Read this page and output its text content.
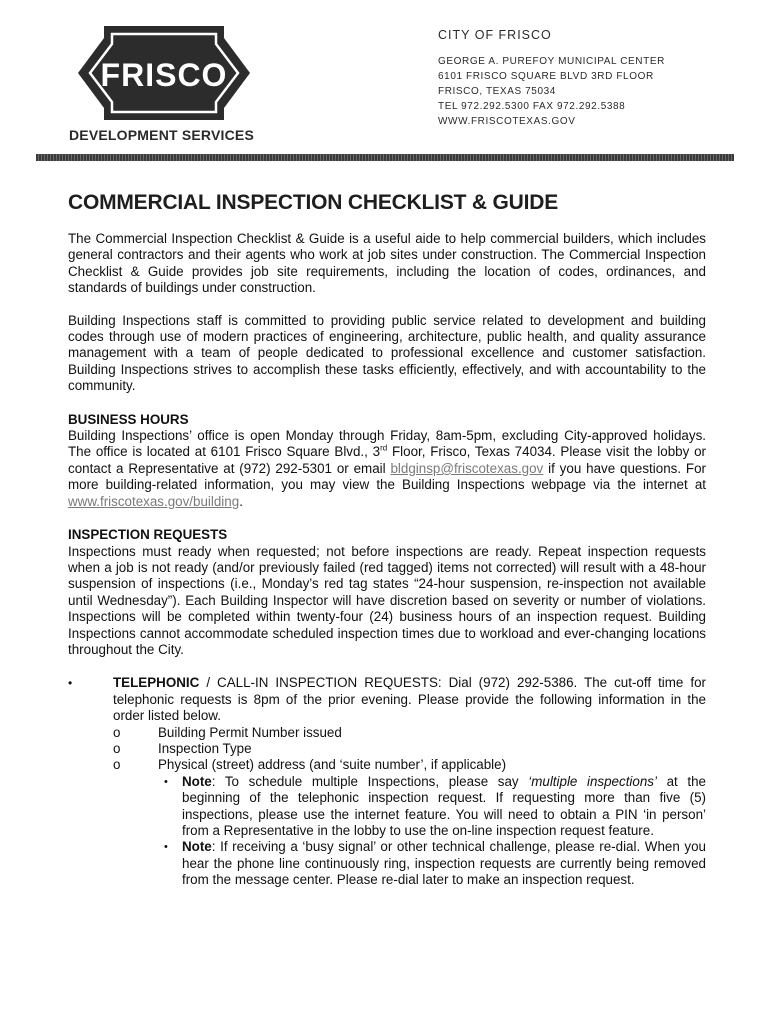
FRISCO
DEVELOPMENT SERVICES
CITY OF FRISCO
GEORGE A. PUREFOY MUNICIPAL CENTER
6101 FRISCO SQUARE BLVD 3RD FLOOR
FRISCO, TEXAS 75034
TEL 972.292.5300 FAX 972.292.5388
WWW.FRISCOTEXAS.GOV
COMMERCIAL INSPECTION CHECKLIST & GUIDE

The Commercial Inspection Checklist & Guide is a useful aide to help commercial builders, which includes general contractors and their agents who work at job sites under construction. The Commercial Inspection Checklist & Guide provides job site requirements, including the location of codes, ordinances, and standards of buildings under construction.

Building Inspections staff is committed to providing public service related to development and building codes through use of modern practices of engineering, architecture, public health, and quality assurance management with a team of people dedicated to professional excellence and customer satisfaction. Building Inspections strives to accomplish these tasks efficiently, effectively, and with accountability to the community.

BUSINESS HOURS

Building Inspections’ office is open Monday through Friday, 8am-5pm, excluding City-approved holidays. The office is located at 6101 Frisco Square Blvd., 3rd Floor, Frisco, Texas 74034. Please visit the lobby or contact a Representative at (972) 292-5301 or email bldginsp@friscotexas.gov if you have questions. For more building-related information, you may view the Building Inspections webpage via the internet at www.friscotexas.gov/building.

INSPECTION REQUESTS

Inspections must ready when requested; not before inspections are ready. Repeat inspection requests when a job is not ready (and/or previously failed (red tagged) items not corrected) will result with a 48-hour suspension of inspections (i.e., Monday’s red tag states “24-hour suspension, re-inspection not available until Wednesday”). Each Building Inspector will have discretion based on severity or number of violations. Inspections will be completed within twenty-four (24) business hours of an inspection request. Building Inspections cannot accommodate scheduled inspection times due to workload and ever-changing locations throughout the City.

•	TELEPHONIC / CALL-IN INSPECTION REQUESTS: Dial (972) 292-5386. The cut-off time for telephonic requests is 8pm of the prior evening. Please provide the following information in the order listed below.
o	Building Permit Number issued
o	Inspection Type
o	Physical (street) address (and ‘suite number’, if applicable)
• Note: To schedule multiple Inspections, please say ‘multiple inspections’ at the beginning of the telephonic inspection request. If requesting more than five (5) inspections, please use the internet feature. You will need to obtain a PIN ‘in person’ from a Representative in the lobby to use the on-line inspection request feature.
• Note: If receiving a ‘busy signal’ or other technical challenge, please re-dial. When you hear the phone line continuously ring, inspection requests are currently being removed from the message center. Please re-dial later to make an inspection request.
